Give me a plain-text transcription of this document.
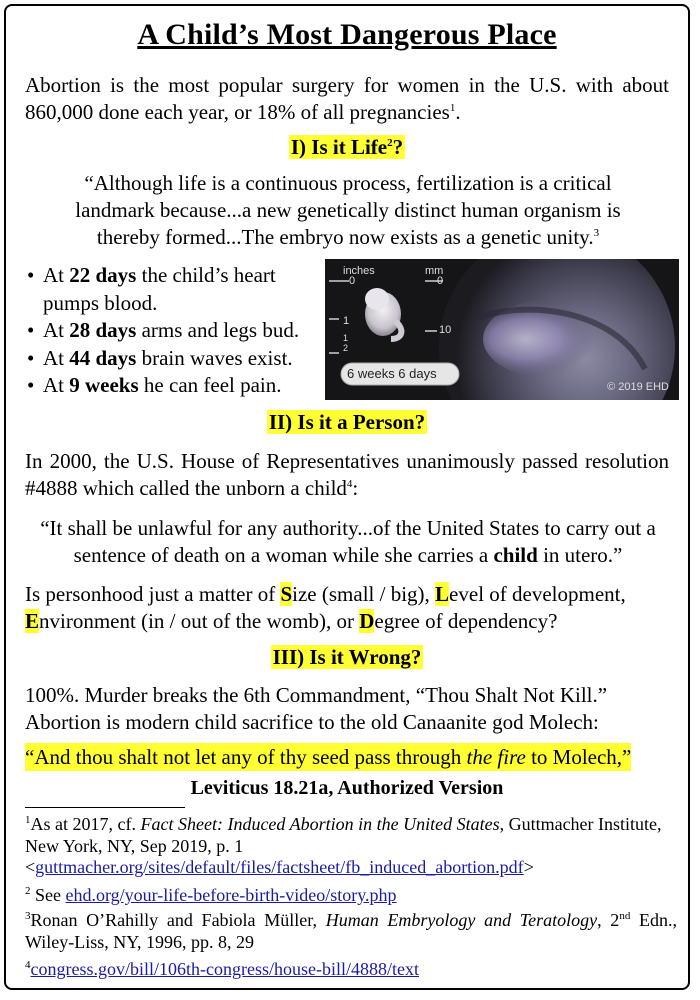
A Child’s Most Dangerous Place
Abortion is the most popular surgery for women in the U.S. with about 860,000 done each year, or 18% of all pregnancies$^1$.
I) Is it Life$^2$?
“Although life is a continuous process, fertilization is a critical landmark because...a new genetically distinct human organism is thereby formed...The embryo now exists as a genetic unity.$^3$
• At 22 days the child’s heart pumps blood.
• At 28 days arms and legs bud.
• At 44 days brain waves exist.
• At 9 weeks he can feel pain.
inches	mm
0	0
10
1
2
1
6 weeks 6 days
© 2019 EHD
II) Is it a Person?
In 2000, the U.S. House of Representatives unanimously passed resolution #4888 which called the unborn a child$^4$:
“It shall be unlawful for any authority...of the United States to carry out a sentence of death on a woman while she carries a child in utero.”
Is personhood just a matter of Size (small / big), Level of development, Environment (in / out of the womb), or Degree of dependency?
III) Is it Wrong?
100%. Murder breaks the 6th Commandment, “Thou Shalt Not Kill.” Abortion is modern child sacrifice to the old Canaanite god Molech:
“And thou shalt not let any of thy seed pass through the fire to Molech,”
Leviticus 18.21a, Authorized Version
$^1$As at 2017, cf. Fact Sheet: Induced Abortion in the United States, Guttmacher Institute, New York, NY, Sep 2019, p. 1
<guttmacher.org/sites/default/files/factsheet/fb_induced_abortion.pdf>
$^2$ See ehd.org/your-life-before-birth-video/story.php
$^3$Ronan O’Rahilly and Fabiola Müller, Human Embryology and Teratology, 2nd Edn., Wiley-Liss, NY, 1996, pp. 8, 29
$^4$congress.gov/bill/106th-congress/house-bill/4888/text
